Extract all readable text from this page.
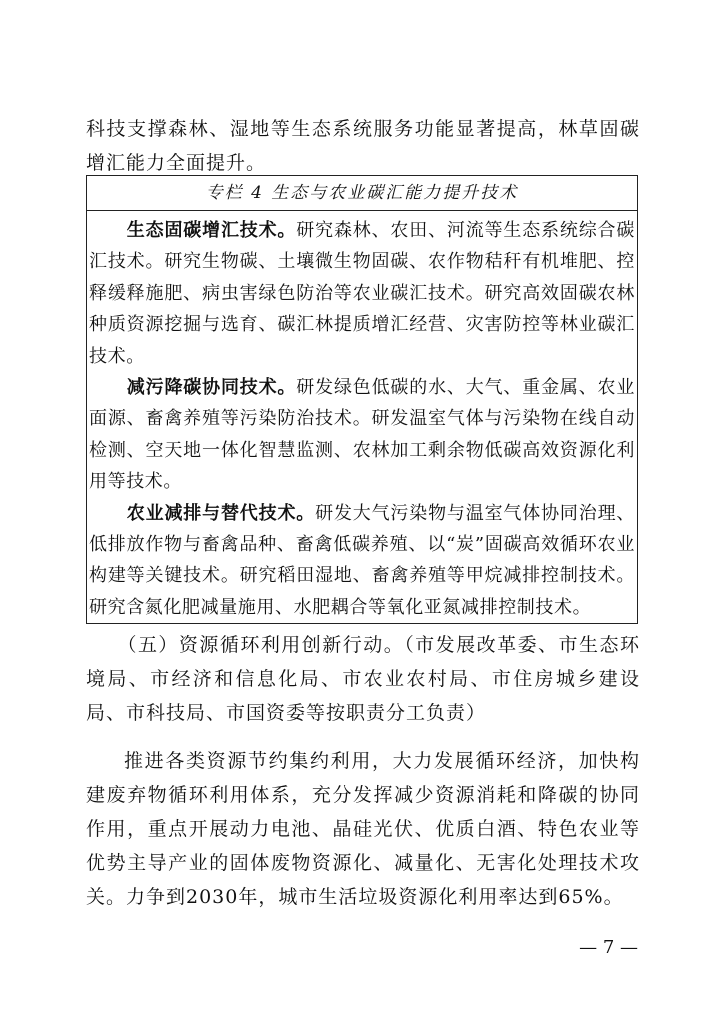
科技支撑森林、湿地等生态系统服务功能显著提高，林草固碳增汇能力全面提升。

专栏 4 生态与农业碳汇能力提升技术

生态固碳增汇技术。研究森林、农田、河流等生态系统综合碳汇技术。研究生物碳、土壤微生物固碳、农作物秸秆有机堆肥、控释缓释施肥、病虫害绿色防治等农业碳汇技术。研究高效固碳农林种质资源挖掘与选育、碳汇林提质增汇经营、灾害防控等林业碳汇技术。

减污降碳协同技术。研发绿色低碳的水、大气、重金属、农业面源、畜禽养殖等污染防治技术。研发温室气体与污染物在线自动检测、空天地一体化智慧监测、农林加工剩余物低碳高效资源化利用等技术。

农业减排与替代技术。研发大气污染物与温室气体协同治理、低排放作物与畜禽品种、畜禽低碳养殖、以“炭”固碳高效循环农业构建等关键技术。研究稻田湿地、畜禽养殖等甲烷减排控制技术。研究含氮化肥减量施用、水肥耦合等氧化亚氮减排控制技术。

　　（五）资源循环利用创新行动。（市发展改革委、市生态环境局、市经济和信息化局、市农业农村局、市住房城乡建设局、市科技局、市国资委等按职责分工负责）

推进各类资源节约集约利用，大力发展循环经济，加快构建废弃物循环利用体系，充分发挥减少资源消耗和降碳的协同作用，重点开展动力电池、晶硅光伏、优质白酒、特色农业等优势主导产业的固体废物资源化、减量化、无害化处理技术攻关。力争到2030年，城市生活垃圾资源化利用率达到65%。

— 7 —
